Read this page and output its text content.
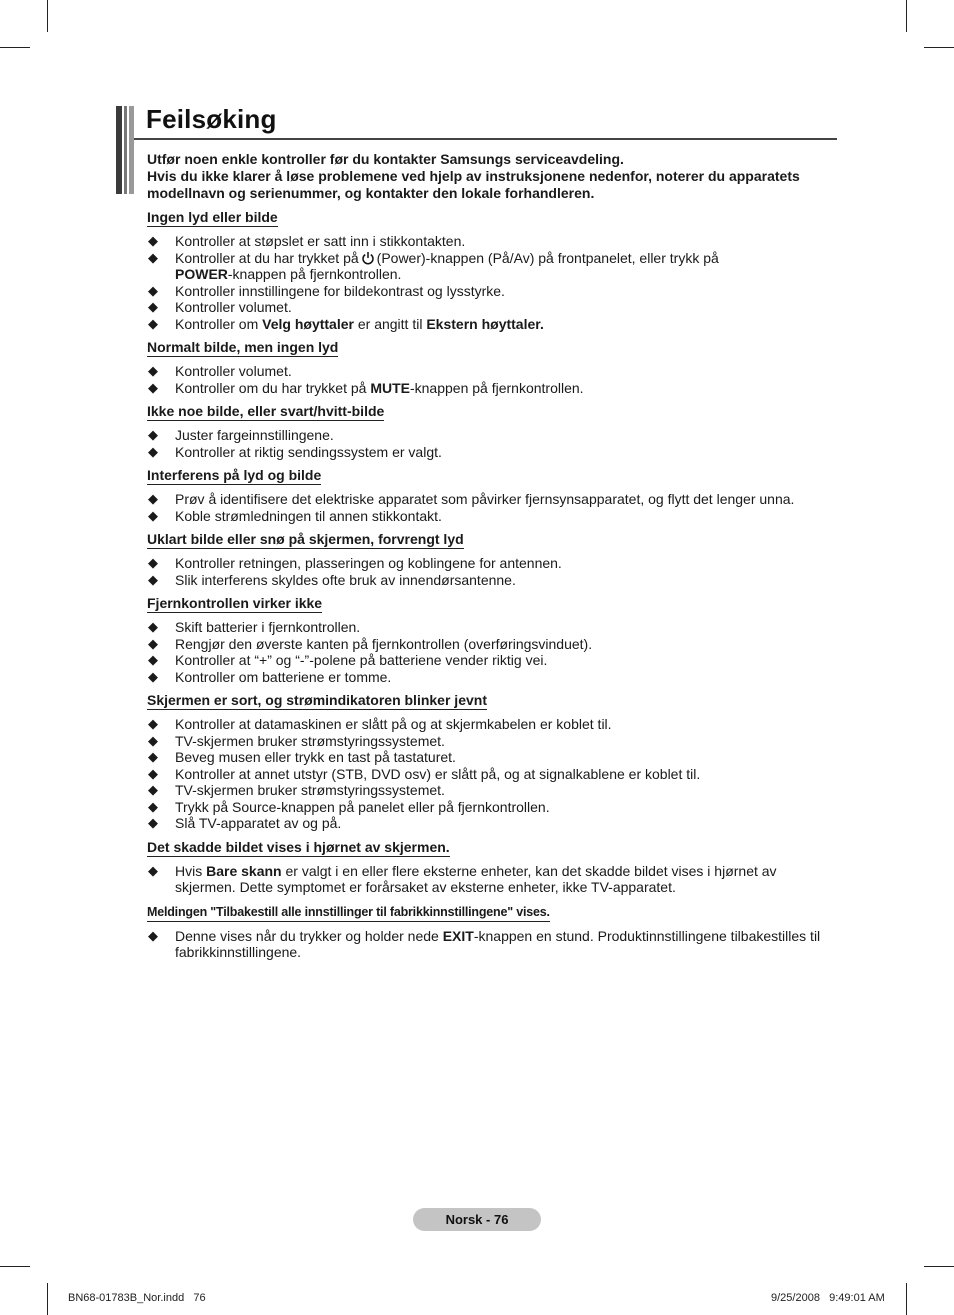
Feilsøking
Utfør noen enkle kontroller før du kontakter Samsungs serviceavdeling.
Hvis du ikke klarer å løse problemene ved hjelp av instruksjonene nedenfor, noterer du apparatets modellnavn og serienummer, og kontakter den lokale forhandleren.
Ingen lyd eller bilde
◆ Kontroller at støpslet er satt inn i stikkontakten.
◆ Kontroller at du har trykket på (Power)-knappen (På/Av) på frontpanelet, eller trykk på
POWER-knappen på fjernkontrollen.
◆ Kontroller innstillingene for bildekontrast og lysstyrke.
◆ Kontroller volumet.
◆ Kontroller om Velg høyttaler er angitt til Ekstern høyttaler.
Normalt bilde, men ingen lyd
◆ Kontroller volumet.
◆ Kontroller om du har trykket på MUTE-knappen på fjernkontrollen.
Ikke noe bilde, eller svart/hvitt-bilde
◆ Juster fargeinnstillingene.
◆ Kontroller at riktig sendingssystem er valgt.
Interferens på lyd og bilde
◆ Prøv å identifisere det elektriske apparatet som påvirker fjernsynsapparatet, og flytt det lenger unna.
◆ Koble strømledningen til annen stikkontakt.
Uklart bilde eller snø på skjermen, forvrengt lyd
◆ Kontroller retningen, plasseringen og koblingene for antennen.
◆ Slik interferens skyldes ofte bruk av innendørsantenne.
Fjernkontrollen virker ikke
◆ Skift batterier i fjernkontrollen.
◆ Rengjør den øverste kanten på fjernkontrollen (overføringsvinduet).
◆ Kontroller at “+” og “-”-polene på batteriene vender riktig vei.
◆ Kontroller om batteriene er tomme.
Skjermen er sort, og strømindikatoren blinker jevnt
◆ Kontroller at datamaskinen er slått på og at skjermkabelen er koblet til.
◆ TV-skjermen bruker strømstyringssystemet.
◆ Beveg musen eller trykk en tast på tastaturet.
◆ Kontroller at annet utstyr (STB, DVD osv) er slått på, og at signalkablene er koblet til.
◆ TV-skjermen bruker strømstyringssystemet.
◆ Trykk på Source-knappen på panelet eller på fjernkontrollen.
◆ Slå TV-apparatet av og på.
Det skadde bildet vises i hjørnet av skjermen.
◆ Hvis Bare skann er valgt i en eller flere eksterne enheter, kan det skadde bildet vises i hjørnet av skjermen. Dette symptomet er forårsaket av eksterne enheter, ikke TV-apparatet.
Meldingen "Tilbakestill alle innstillinger til fabrikkinnstillingene" vises.
◆ Denne vises når du trykker og holder nede EXIT-knappen en stund. Produktinnstillingene tilbakestilles til fabrikkinnstillingene.
Norsk - 76
BN68-01783B_Nor.indd   76	9/25/2008   9:49:01 AM
